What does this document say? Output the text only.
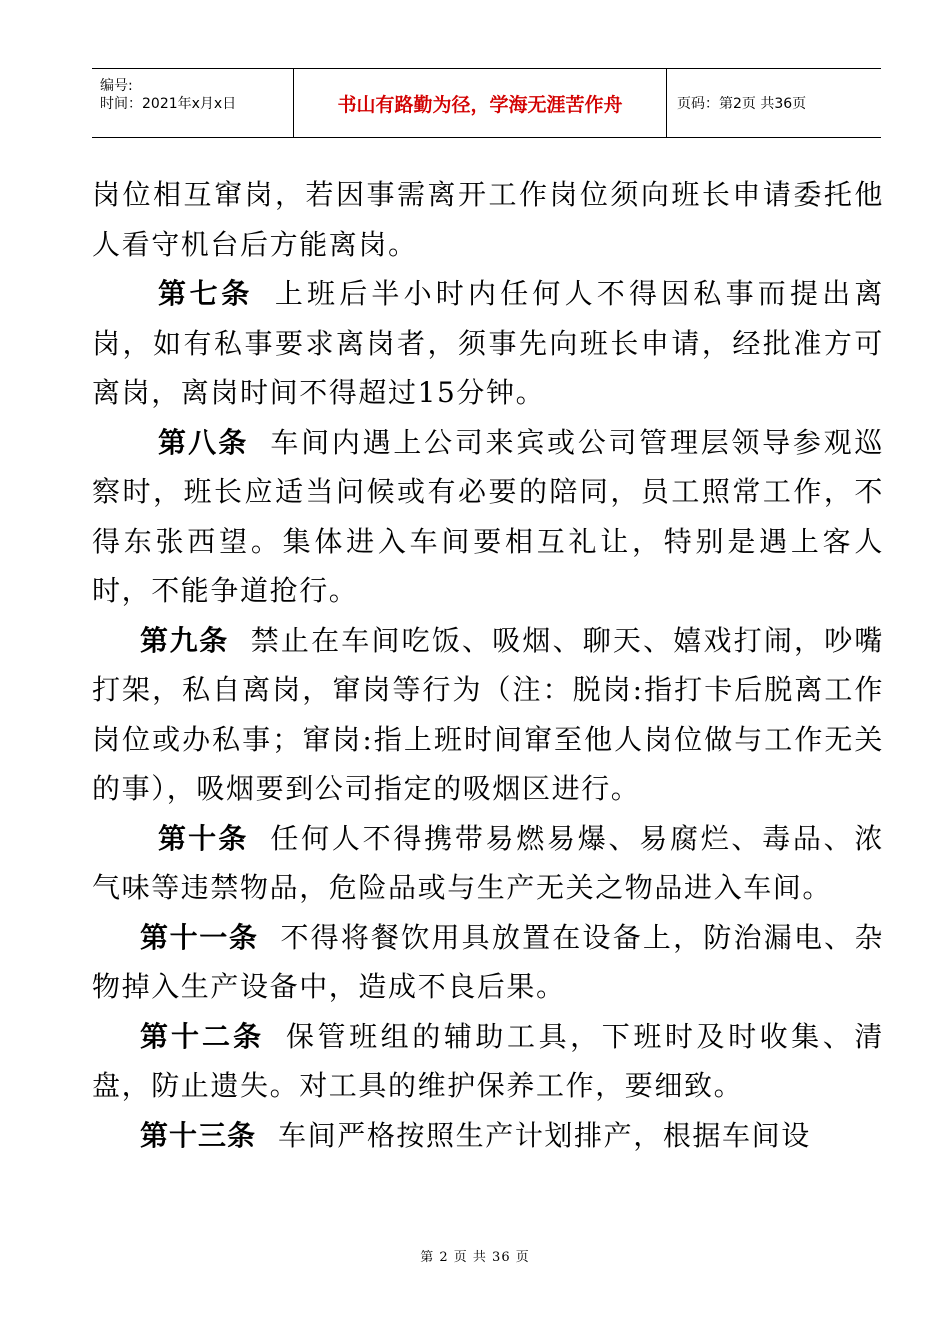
编号:
时间：2021年x月x日	书山有路勤为径，学海无涯苦作舟	页码：第2页 共36页

岗位相互窜岗，若因事需离开工作岗位须向班长申请委托他人看守机台后方能离岗。

第七条 上班后半小时内任何人不得因私事而提出离岗，如有私事要求离岗者，须事先向班长申请，经批准方可离岗，离岗时间不得超过15分钟。

第八条 车间内遇上公司来宾或公司管理层领导参观巡察时，班长应适当问候或有必要的陪同，员工照常工作，不得东张西望。集体进入车间要相互礼让，特别是遇上客人时，不能争道抢行。

第九条 禁止在车间吃饭、吸烟、聊天、嬉戏打闹，吵嘴打架，私自离岗，窜岗等行为（注：脱岗:指打卡后脱离工作岗位或办私事；窜岗:指上班时间窜至他人岗位做与工作无关的事），吸烟要到公司指定的吸烟区进行。

第十条 任何人不得携带易燃易爆、易腐烂、毒品、浓气味等违禁物品，危险品或与生产无关之物品进入车间。

第十一条 不得将餐饮用具放置在设备上，防治漏电、杂物掉入生产设备中，造成不良后果。

第十二条 保管班组的辅助工具，下班时及时收集、清盘，防止遗失。对工具的维护保养工作，要细致。

第十三条 车间严格按照生产计划排产，根据车间设

第 2 页 共 36 页
